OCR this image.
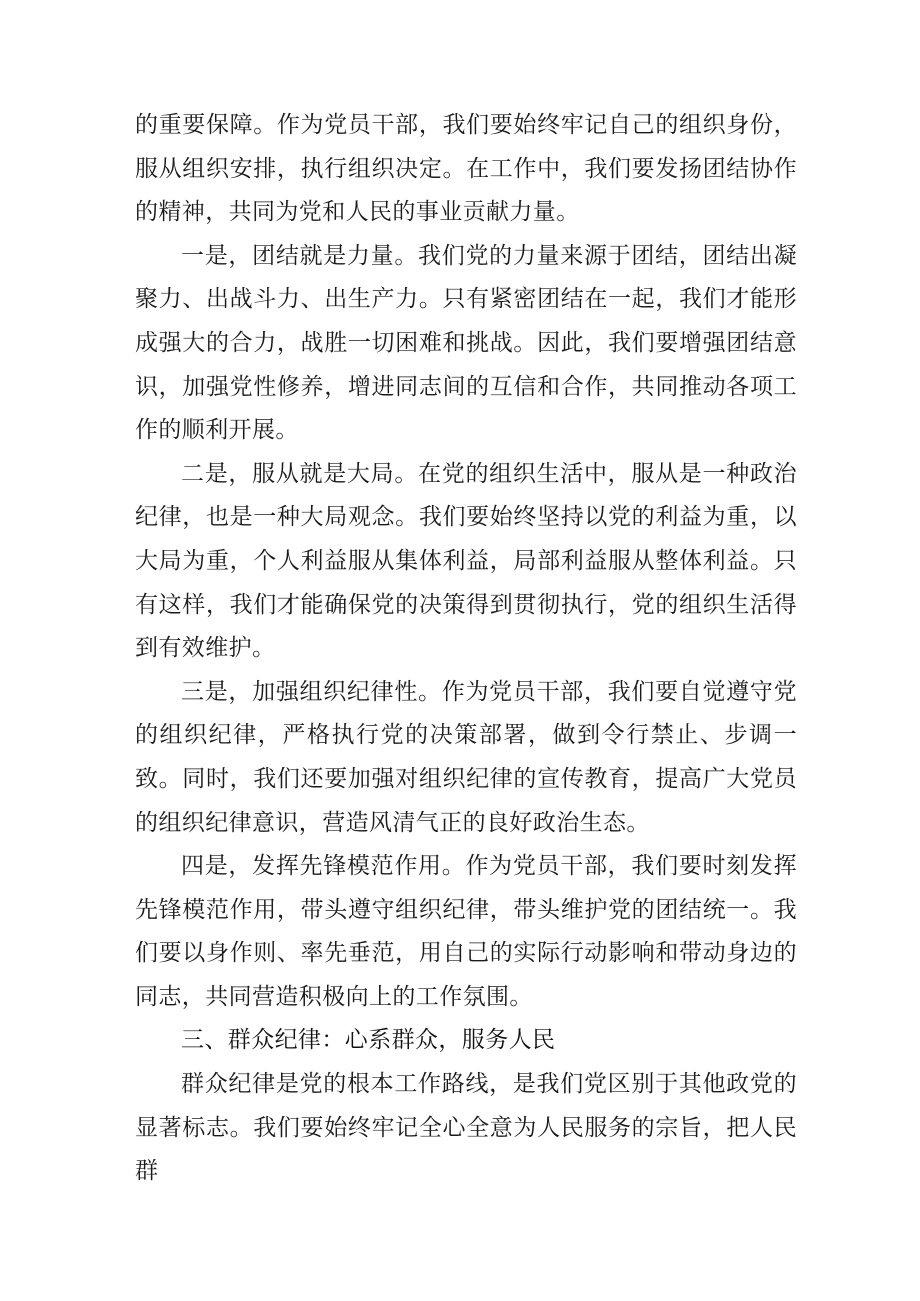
的重要保障。作为党员干部，我们要始终牢记自己的组织身份，服从组织安排，执行组织决定。在工作中，我们要发扬团结协作的精神，共同为党和人民的事业贡献力量。

一是，团结就是力量。我们党的力量来源于团结，团结出凝聚力、出战斗力、出生产力。只有紧密团结在一起，我们才能形成强大的合力，战胜一切困难和挑战。因此，我们要增强团结意识，加强党性修养，增进同志间的互信和合作，共同推动各项工作的顺利开展。

二是，服从就是大局。在党的组织生活中，服从是一种政治纪律，也是一种大局观念。我们要始终坚持以党的利益为重，以大局为重，个人利益服从集体利益，局部利益服从整体利益。只有这样，我们才能确保党的决策得到贯彻执行，党的组织生活得到有效维护。

三是，加强组织纪律性。作为党员干部，我们要自觉遵守党的组织纪律，严格执行党的决策部署，做到令行禁止、步调一致。同时，我们还要加强对组织纪律的宣传教育，提高广大党员的组织纪律意识，营造风清气正的良好政治生态。

四是，发挥先锋模范作用。作为党员干部，我们要时刻发挥先锋模范作用，带头遵守组织纪律，带头维护党的团结统一。我们要以身作则、率先垂范，用自己的实际行动影响和带动身边的同志，共同营造积极向上的工作氛围。

三、群众纪律：心系群众，服务人民

群众纪律是党的根本工作路线，是我们党区别于其他政党的显著标志。我们要始终牢记全心全意为人民服务的宗旨，把人民群
